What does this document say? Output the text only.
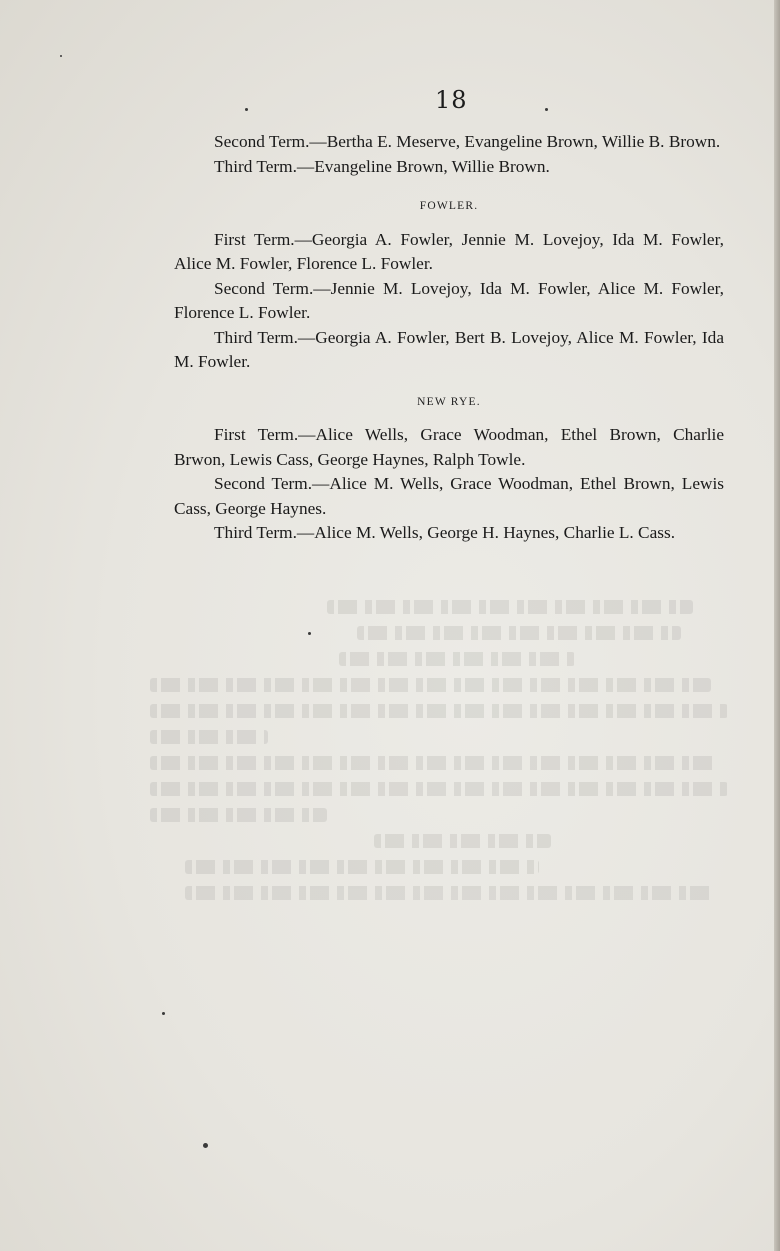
18

Second Term.—Bertha E. Meserve, Evangeline Brown, Willie B. Brown.

Third Term.—Evangeline Brown, Willie Brown.

FOWLER.

First Term.—Georgia A. Fowler, Jennie M. Lovejoy, Ida M. Fowler, Alice M. Fowler, Florence L. Fowler.

Second Term.—Jennie M. Lovejoy, Ida M. Fowler, Alice M. Fowler, Florence L. Fowler.

Third Term.—Georgia A. Fowler, Bert B. Lovejoy, Alice M. Fowler, Ida M. Fowler.

NEW RYE.

First Term.—Alice Wells, Grace Woodman, Ethel Brown, Charlie Brwon, Lewis Cass, George Haynes, Ralph Towle.

Second Term.—Alice M. Wells, Grace Woodman, Ethel Brown, Lewis Cass, George Haynes.

Third Term.—Alice M. Wells, George H. Haynes, Charlie L. Cass.
